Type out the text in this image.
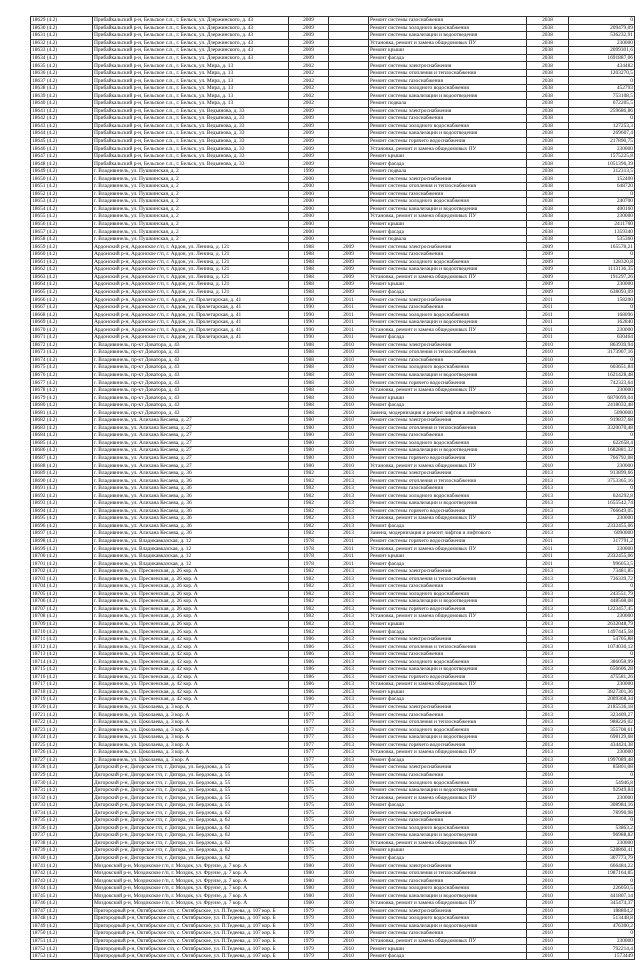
18629 (4.2)	Прибайкальский р-н, Бельское с.п., г. Бельск, ул. Дзержинского, д. 43	2009		Ремонт системы газоснабжения	2038	0
18630 (4.2)	Прибайкальский р-н, Бельское с.п., г. Бельск, ул. Дзержинского, д. 43	2009		Ремонт системы холодного водоснабжения	2038	209479,09
18631 (4.2)	Прибайкальский р-н, Бельское с.п., г. Бельск, ул. Дзержинского, д. 43	2009		Ремонт системы канализации и водоотведения	2038	536232,91
18632 (4.2)	Прибайкальский р-н, Бельское с.п., г. Бельск, ул. Дзержинского, д. 43	2009		Установка, ремонт и замена общедомовых ПУ	2038	230000
18633 (4.2)	Прибайкальский р-н, Бельское с.п., г. Бельск, ул. Дзержинского, д. 43	2009		Ремонт крыши	2038	2099301,6
18634 (4.2)	Прибайкальский р-н, Бельское с.п., г. Бельск, ул. Дзержинского, д. 43	2009		Ремонт фасада	2038	1691887,06
18635 (4.2)	Прибайкальский р-н, Бельское с.п., г. Бельск, ул. Мира, д. 13	2002		Ремонт системы электроснабжения	2038	434482
18636 (4.2)	Прибайкальский р-н, Бельское с.п., г. Бельск, ул. Мира, д. 13	2002		Ремонт системы отопления и теплоснабжения	2038	1203270,5
18637 (4.2)	Прибайкальский р-н, Бельское с.п., г. Бельск, ул. Мира, д. 13	2002		Ремонт системы газоснабжения	2038	0
18638 (4.2)	Прибайкальский р-н, Бельское с.п., г. Бельск, ул. Мира, д. 13	2002		Ремонт системы холодного водоснабжения	2038	452793
18639 (4.2)	Прибайкальский р-н, Бельское с.п., г. Бельск, ул. Мира, д. 13	2002		Ремонт системы канализации и водоотведения	2038	753108,5
18640 (4.2)	Прибайкальский р-н, Бельское с.п., г. Бельск, ул. Мира, д. 13	2002		Ремонт подвала	2038	672205,5
18641 (4.2)	Прибайкальский р-н, Бельское с.п., г. Бельск, ул. Ведьянова, д. 33	2009		Ремонт системы электроснабжения	2038	259686,86
18642 (4.2)	Прибайкальский р-н, Бельское с.п., г. Бельск, ул. Ведьянова, д. 33	2009		Ремонт системы газоснабжения	2038	0
18643 (4.2)	Прибайкальский р-н, Бельское с.п., г. Бельск, ул. Ведьянова, д. 33	2009		Ремонт системы холодного водоснабжения	2038	127253,3
18644 (4.2)	Прибайкальский р-н, Бельское с.п., г. Бельск, ул. Ведьянова, д. 33	2009		Ремонт системы канализации и водоотведения	2038	269607,4
18645 (4.2)	Прибайкальский р-н, Бельское с.п., г. Бельск, ул. Ведьянова, д. 33	2009		Ремонт системы горячего водоснабжения	2038	217890,75
18646 (4.2)	Прибайкальский р-н, Бельское с.п., г. Бельск, ул. Ведьянова, д. 33	2009		Установка, ремонт и замена общедомовых ПУ	2038	230000
18647 (4.2)	Прибайкальский р-н, Бельское с.п., г. Бельск, ул. Ведьянова, д. 33	2009		Ремонт крыши	2038	1575225,8
18648 (4.2)	Прибайкальский р-н, Бельское с.п., г. Бельск, ул. Ведьянова, д. 33	2009		Ремонт фасада	2038	1051396,39
18649 (4.2)	г. Владивинель, ул. Пушкинская, д. 2	1999		Ремонт подвала	2038	312313,5
18650 (4.2)	г. Владивинель, ул. Пушкинская, д. 2	2000		Ремонт системы электроснабжения	2038	152400
18651 (4.2)	г. Владивинель, ул. Пушкинская, д. 2	2000		Ремонт системы отопления и теплоснабжения	2038	648720
18652 (4.2)	г. Владивинель, ул. Пушкинская, д. 2	2000		Ремонт системы газоснабжения	2038	0
18653 (4.2)	г. Владивинель, ул. Пушкинская, д. 2	2000		Ремонт системы холодного водоснабжения	2038	240700
18654 (4.2)	г. Владивинель, ул. Пушкинская, д. 2	2000		Ремонт системы канализации и водоотведения	2038	400160
18655 (4.2)	г. Владивинель, ул. Пушкинская, д. 2	2000		Установка, ремонт и замена общедомовых ПУ	2038	230000
18656 (4.2)	г. Владивинель, ул. Пушкинская, д. 2	2000		Ремонт крыши	2038	2411760
18657 (4.2)	г. Владивинель, ул. Пушкинская, д. 2	2000		Ремонт фасада	2038	1359340
18658 (4.2)	г. Владивинель, ул. Пушкинская, д. 2	2000		Ремонт подвала	2038	535360
18659 (4.2)	Ардонский р-н, Ардонское г/п, г. Ардон, ул. Ленина, д. 121	1988	2009	Ремонт системы электроснабжения	2009	165578,21
18660 (4.2)	Ардонский р-н, Ардонское г/п, г. Ардон, ул. Ленина, д. 121	1988	2009	Ремонт системы газоснабжения	2009	0
18661 (4.2)	Ардонский р-н, Ардонское г/п, г. Ардон, ул. Ленина, д. 121	1988	2009	Ремонт системы холодного водоснабжения	2009	128320,8
18662 (4.2)	Ардонский р-н, Ардонское г/п, г. Ардон, ул. Ленина, д. 121	1988	2009	Ремонт системы канализации и водоотведения	2009	1113136,35
18663 (4.2)	Ардонский р-н, Ардонское г/п, г. Ардон, ул. Ленина, д. 121	1988	2009	Установка, ремонт и замена общедомовых ПУ	2009	191297,26
18664 (4.2)	Ардонский р-н, Ардонское г/п, г. Ардон, ул. Ленина, д. 121	1988	2009	Ремонт крыши	2009	230000
18665 (4.2)	Ардонский р-н, Ардонское г/п, г. Ардон, ул. Ленина, д. 121	1988	2009	Ремонт фасада	2009	638093,09
18666 (4.2)	Ардонский р-н, Ардонское г/п, г. Ардон, ул. Пролетарская, д. 41	1990	2011	Ремонт системы электроснабжения	2011	158200
18667 (4.2)	Ардонский р-н, Ардонское г/п, г. Ардон, ул. Пролетарская, д. 41	1990	2011	Ремонт системы газоснабжения	2011	0
18668 (4.2)	Ардонский р-н, Ардонское г/п, г. Ардон, ул. Пролетарская, д. 41	1990	2011	Ремонт системы холодного водоснабжения	2011	168096
18669 (4.2)	Ардонский р-н, Ардонское г/п, г. Ардон, ул. Пролетарская, д. 41	1990	2011	Ремонт системы канализации и водоотведения	2011	162840
18670 (4.2)	Ардонский р-н, Ардонское г/п, г. Ардон, ул. Пролетарская, д. 41	1990	2011	Установка, ремонт и замена общедомовых ПУ	2011	230000
18671 (4.2)	Ардонский р-н, Ардонское г/п, г. Ардон, ул. Пролетарская, д. 41	1990	2011	Ремонт фасада	2011	630464
18672 (4.2)	г. Владивинель, пр-кт Доватора, д. 43	1988	2010	Ремонт системы электроснабжения	2010	863939,94
18673 (4.2)	г. Владивинель, пр-кт Доватора, д. 43	1988	2010	Ремонт системы отопления и теплоснабжения	2010	3173907,16
18674 (4.2)	г. Владивинель, пр-кт Доватора, д. 43	1988	2010	Ремонт системы газоснабжения	2010	0
18675 (4.2)	г. Владивинель, пр-кт Доватора, д. 43	1988	2010	Ремонт системы холодного водоснабжения	2010	603651,84
18676 (4.2)	г. Владивинель, пр-кт Доватора, д. 43	1988	2010	Ремонт системы канализации и водоотведения	2010	1621428,48
18677 (4.2)	г. Владивинель, пр-кт Доватора, д. 43	1988	2010	Ремонт системы горячего водоснабжения	2010	742323,64
18678 (4.2)	г. Владивинель, пр-кт Доватора, д. 43	1988	2010	Установка, ремонт и замена общедомовых ПУ	2010	230000
18679 (4.2)	г. Владивинель, пр-кт Доватора, д. 43	1988	2010	Ремонт крыши	2010	6870099,04
18680 (4.2)	г. Владивинель, пр-кт Доватора, д. 43	1988	2010	Ремонт фасада	2010	2418032,48
18681 (4.2)	г. Владивинель, пр-кт Доватора, д. 43	1988	2010	Замена, модернизация и ремонт лифтов и лифтового	2010	5090000
18682 (4.2)	г. Владивинель, ул. Алихана Кесаева, д. 27	1980	2010	Ремонт системы электроснабжения	2010	919837,68
18683 (4.2)	г. Владивинель, ул. Алихана Кесаева, д. 27	1980	2010	Ремонт системы отопления и теплоснабжения	2010	3320070,48
18684 (4.2)	г. Владивинель, ул. Алихана Кесаева, д. 27	1980	2010	Ремонт системы газоснабжения	2010	0
18685 (4.2)	г. Владивинель, ул. Алихана Кесаева, д. 27	1980	2010	Ремонт системы холодного водоснабжения	2010	622658,4
18686 (4.2)	г. Владивинель, ул. Алихана Кесаева, д. 27	1980	2010	Ремонт системы канализации и водоотведения	2010	1682881,32
18687 (4.2)	г. Владивинель, ул. Алихана Кесаева, д. 27	1980	2010	Ремонт системы горячего водоснабжения	2010	766792,08
18688 (4.2)	г. Владивинель, ул. Алихана Кесаева, д. 27	1980	2010	Установка, ремонт и замена общедомовых ПУ	2010	230000
18689 (4.2)	г. Владивинель, ул. Алихана Кесаева, д. 36	1982	2013	Ремонт системы электроснабжения	2013	913899,66
18690 (4.2)	г. Владивинель, ул. Алихана Кесаева, д. 36	1982	2013	Ремонт системы отопления и теплоснабжения	2013	3753365,16
18691 (4.2)	г. Владивинель, ул. Алихана Кесаева, д. 36	1982	2013	Ремонт системы газоснабжения	2013	0
18692 (4.2)	г. Владивинель, ул. Алихана Кесаева, д. 36	1982	2013	Ремонт системы холодного водоснабжения	2013	624292,8
18693 (4.2)	г. Владивинель, ул. Алихана Кесаева, д. 36	1982	2013	Ремонт системы канализации и водоотведения	2013	1655542,74
18694 (4.2)	г. Владивинель, ул. Алихана Кесаева, д. 36	1982	2013	Ремонт системы горячего водоснабжения	2013	766649,05
18695 (4.2)	г. Владивинель, ул. Алихана Кесаева, д. 36	1982	2013	Установка, ремонт и замена общедомовых ПУ	2013	230000
18696 (4.2)	г. Владивинель, ул. Алихана Кесаева, д. 36	1982	2013	Ремонт фасада	2013	2332455,06
18697 (4.2)	г. Владивинель, ул. Алихана Кесаева, д. 36	1982	2013	Замена, модернизация и ремонт лифтов и лифтового	2013	6090000
18698 (4.2)	г. Владивинель, ул. Владикавказская, д. 12	1978	2011	Ремонт системы горячего водоснабжения	2011	317791,2
18699 (4.2)	г. Владивинель, ул. Владикавказская, д. 12	1978	2011	Установка, ремонт и замена общедомовых ПУ	2011	230000
18700 (4.2)	г. Владивинель, ул. Владикавказская, д. 12	1978	2011	Ремонт крыши	2011	2332455,06
18701 (4.2)	г. Владивинель, ул. Владикавказская, д. 12	1978	2011	Ремонт фасада	2011	996053,5
18702 (4.2)	г. Владивинель, ул. Пресненская, д. 26 кор. А	1982	2013	Ремонт системы электроснабжения	2013	73481,85
18703 (4.2)	г. Владивинель, ул. Пресненская, д. 26 кор. А	1982	2013	Ремонт системы отопления и теплоснабжения	2013	736339,72
18704 (4.2)	г. Владивинель, ул. Пресненская, д. 26 кор. А	1982	2013	Ремонт системы газоснабжения	2013	0
18705 (4.2)	г. Владивинель, ул. Пресненская, д. 26 кор. А	1982	2013	Ремонт системы холодного водоснабжения	2013	243551,79
18706 (4.2)	г. Владивинель, ул. Пресненская, д. 26 кор. А	1982	2013	Ремонт системы канализации и водоотведения	2013	448568,08
18707 (4.2)	г. Владивинель, ул. Пресненская, д. 26 кор. А	1982	2013	Ремонт системы горячего водоснабжения	2013	1223457,45
18708 (4.2)	г. Владивинель, ул. Пресненская, д. 26 кор. А	1982	2013	Установка, ремонт и замена общедомовых ПУ	2013	230000
18709 (4.2)	г. Владивинель, ул. Пресненская, д. 26 кор. А	1982	2013	Ремонт крыши	2013	2632048,79
18710 (4.2)	г. Владивинель, ул. Пресненская, д. 26 кор. А	1982	2013	Ремонт фасада	2013	1497445,58
18711 (4.2)	г. Владивинель, ул. Пресненская, д. 42 кор. А	1986	2013	Ремонт системы электроснабжения	2013	54705,88
18712 (4.2)	г. Владивинель, ул. Пресненская, д. 42 кор. А	1986	2013	Ремонт системы отопления и теплоснабжения	2013	1074030,12
18713 (4.2)	г. Владивинель, ул. Пресненская, д. 42 кор. А	1986	2013	Ремонт системы газоснабжения	2013	0
18714 (4.2)	г. Владивинель, ул. Пресненская, д. 42 кор. А	1986	2013	Ремонт системы холодного водоснабжения	2013	386058,99
18715 (4.2)	г. Владивинель, ул. Пресненская, д. 42 кор. А	1986	2013	Ремонт системы канализации и водоотведения	2013	656606,28
18716 (4.2)	г. Владивинель, ул. Пресненская, д. 42 кор. А	1986	2013	Ремонт системы горячего водоснабжения	2013	475581,26
18717 (4.2)	г. Владивинель, ул. Пресненская, д. 42 кор. А	1986	2013	Установка, ремонт и замена общедомовых ПУ	2013	230000
18718 (4.2)	г. Владивинель, ул. Пресненская, д. 42 кор. А	1986	2013	Ремонт крыши	2013	3827301,36
18719 (4.2)	г. Владивинель, ул. Пресненская, д. 42 кор. А	1986	2013	Ремонт фасада	2013	2009368,34
18720 (4.2)	г. Владивинель, ул. Цоколаева, д. 3 кор. А	1977	2013	Ремонт системы электроснабжения	2013	2185536,18
18721 (4.2)	г. Владивинель, ул. Цоколаева, д. 3 кор. А	1977	2013	Ремонт системы газоснабжения	2013	323409,27
18722 (4.2)	г. Владивинель, ул. Цоколаева, д. 3 кор. А	1977	2013	Ремонт системы отопления и теплоснабжения	2013	988226,02
18723 (4.2)	г. Владивинель, ул. Цоколаева, д. 3 кор. А	1977	2013	Ремонт системы холодного водоснабжения	2013	355708,61
18724 (4.2)	г. Владивинель, ул. Цоколаева, д. 3 кор. А	1977	2013	Ремонт системы канализации и водоотведения	2013	698129,68
18725 (4.2)	г. Владивинель, ул. Цоколаева, д. 3 кор. А	1977	2013	Ремонт системы горячего водоснабжения	2013	434424,38
18726 (4.2)	г. Владивинель, ул. Цоколаева, д. 3 кор. А	1977	2013	Установка, ремонт и замена общедомовых ПУ	2013	230000
18727 (4.2)	г. Владивинель, ул. Цоколаева, д. 3 кор. А	1977	2013	Ремонт фасада	2013	1997089,48
18728 (4.2)	Дигорский р-н, Дигорское г/п, г. Дигора, ул. Бердзова, д. 55	1975	2010	Ремонт системы электроснабжения	2010	85801,08
18729 (4.2)	Дигорский р-н, Дигорское г/п, г. Дигора, ул. Бердзова, д. 55	1975	2010	Ремонт системы газоснабжения	2010	0
18730 (4.2)	Дигорский р-н, Дигорское г/п, г. Дигора, ул. Бердзова, д. 55	1975	2010	Ремонт системы холодного водоснабжения	2010	54946,8
18731 (4.2)	Дигорский р-н, Дигорское г/п, г. Дигора, ул. Бердзова, д. 55	1975	2010	Ремонт системы канализации и водоотведения	2010	92949,84
18732 (4.2)	Дигорский р-н, Дигорское г/п, г. Дигора, ул. Бердзова, д. 55	1975	2010	Установка, ремонт и замена общедомовых ПУ	2010	230000
18733 (4.2)	Дигорский р-н, Дигорское г/п, г. Дигора, ул. Бердзова, д. 55	1975	2010	Ремонт фасада	2010	308984,16
18734 (4.2)	Дигорский р-н, Дигорское г/п, г. Дигора, ул. Бердзова, д. 62	1975	2010	Ремонт системы электроснабжения	2010	78990,98
18735 (4.2)	Дигорский р-н, Дигорское г/п, г. Дигора, ул. Бердзова, д. 62	1975	2010	Ремонт системы газоснабжения	2010	0
18736 (4.2)	Дигорский р-н, Дигорское г/п, г. Дигора, ул. Бердзова, д. 62	1975	2010	Ремонт системы холодного водоснабжения	2010	53863,2
18737 (4.2)	Дигорский р-н, Дигорское г/п, г. Дигора, ул. Бердзова, д. 62	1975	2010	Ремонт системы канализации и водоотведения	2010	96988,82
18738 (4.2)	Дигорский р-н, Дигорское г/п, г. Дигора, ул. Бердзова, д. 62	1975	2010	Установка, ремонт и замена общедомовых ПУ	2010	230000
18739 (4.2)	Дигорский р-н, Дигорское г/п, г. Дигора, ул. Бердзова, д. 62	1975	2010	Ремонт крыши	2010	528860,41
18740 (4.2)	Дигорский р-н, Дигорское г/п, г. Дигора, ул. Бердзова, д. 62	1975	2010	Ремонт фасада	2010	307773,79
18741 (4.2)	Моздокский р-н, Моздокское г/п, г. Моздок, ул. Фрунзе, д. 7 кор. А	1980	2010	Ремонт системы электроснабжения	2010	666484,22
18742 (4.2)	Моздокский р-н, Моздокское г/п, г. Моздок, ул. Фрунзе, д. 7 кор. А	1980	2010	Ремонт системы отопления и теплоснабжения	2010	1987164,85
18743 (4.2)	Моздокский р-н, Моздокское г/п, г. Моздок, ул. Фрунзе, д. 7 кор. А	1980	2010	Ремонт системы газоснабжения	2010	0
18744 (4.2)	Моздокский р-н, Моздокское г/п, г. Моздок, ул. Фрунзе, д. 7 кор. А	1980	2010	Ремонт системы холодного водоснабжения	2010	226050,5
18745 (4.2)	Моздокский р-н, Моздокское г/п, г. Моздок, ул. Фрунзе, д. 7 кор. А	1980	2010	Ремонт системы канализации и водоотведения	2010	441807,14
18746 (4.2)	Моздокский р-н, Моздокское г/п, г. Моздок, ул. Фрунзе, д. 7 кор. А	1980	2010	Установка, ремонт и замена общедомовых ПУ	2010	345474,37
18747 (4.2)	Пригородный р-н, Октябрьское с/п, с. Октябрьское, ул. П.Тедеева, д. 107 кор. Б	1979	2010	Ремонт системы электроснабжения	2010	188804,2
18748 (4.2)	Пригородный р-н, Октябрьское с/п, с. Октябрьское, ул. П.Тедеева, д. 107 кор. Б	1979	2010	Ремонт системы холодного водоснабжения	2010	513448,8
18749 (4.2)	Пригородный р-н, Октябрьское с/п, с. Октябрьское, ул. П.Тедеева, д. 107 кор. Б	1979	2010	Ремонт системы канализации и водоотведения	2010	476300,2
18750 (4.2)	Пригородный р-н, Октябрьское с/п, с. Октябрьское, ул. П.Тедеева, д. 107 кор. Б	1979	2010	Ремонт системы газоснабжения	2010	0
18751 (4.2)	Пригородный р-н, Октябрьское с/п, с. Октябрьское, ул. П.Тедеева, д. 107 кор. Б	1979	2010	Установка, ремонт и замена общедомовых ПУ	2010	230000
18752 (4.2)	Пригородный р-н, Октябрьское с/п, с. Октябрьское, ул. П.Тедеева, д. 107 кор. Б	1979	2010	Ремонт крыши	2010	792214,4
18753 (4.2)	Пригородный р-н, Октябрьское с/п, с. Октябрьское, ул. П.Тедеева, д. 107 кор. Б	1979	2010	Ремонт фасада	2010	1573449
